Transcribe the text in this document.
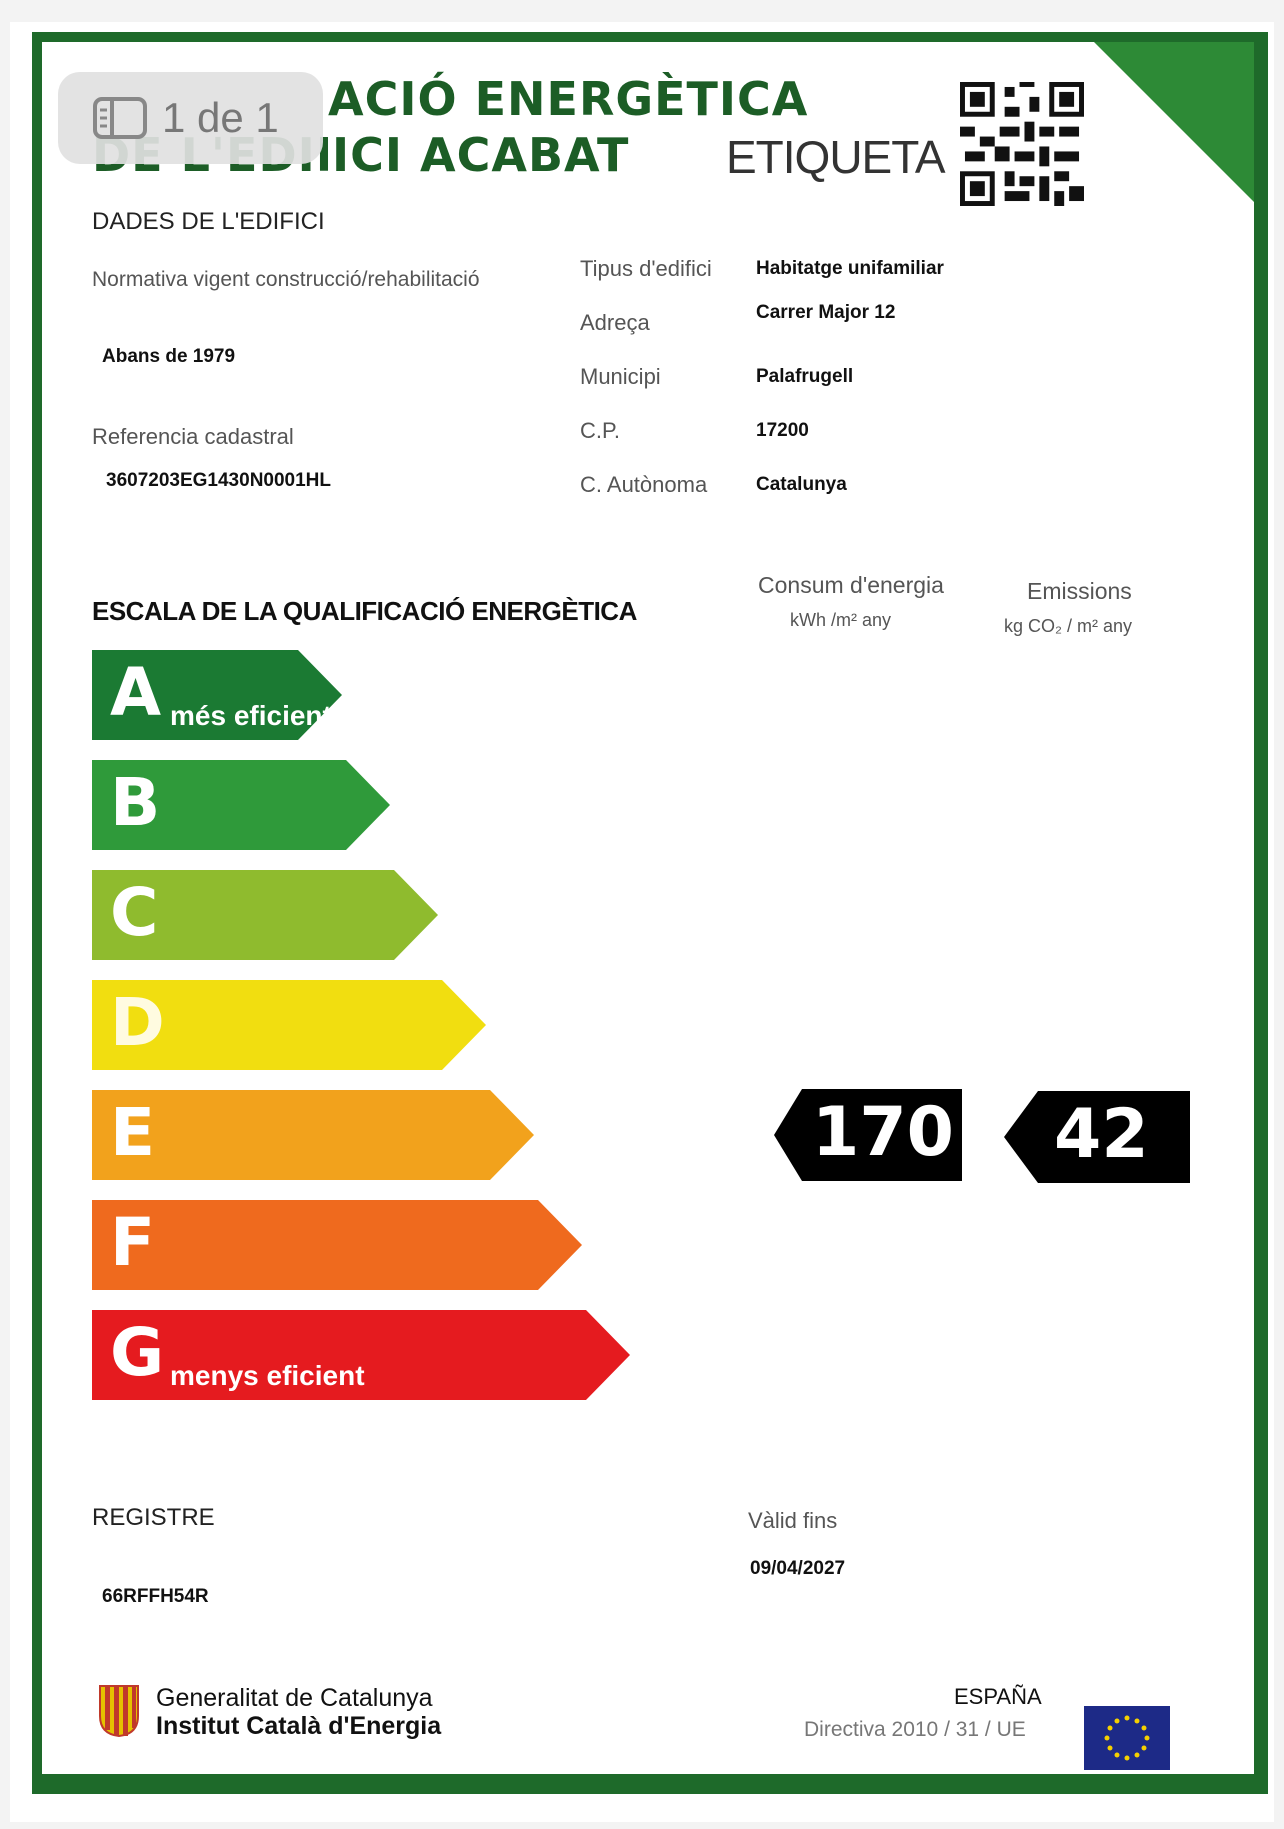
ACIÓ ENERGÈTICA
ICI ACABAT ETIQUETA
DADES DE L'EDIFICI
Normativa vigent construcció/rehabilitació
Abans de 1979
Referencia cadastral
3607203EG1430N0001HL
Tipus d'edifici Habitatge unifamiliar
Adreça	Carrer Major 12
Municipi	Palafrugell
C.P.	17200
C. Autònoma	Catalunya
ESCALA DE LA QUALIFICACIÓ ENERGÈTICA
Consum d'energia
kWh /m² any
Emissions
kg CO₂ / m² any
A més eficient
B
C
D
E
F
G menys eficient
170 42
REGISTRE
66RFFH54R
Vàlid fins
09/04/2027
Generalitat de Catalunya
Institut Català d'Energia
ESPAÑA
Directiva 2010 / 31 / UE
1 de 1
